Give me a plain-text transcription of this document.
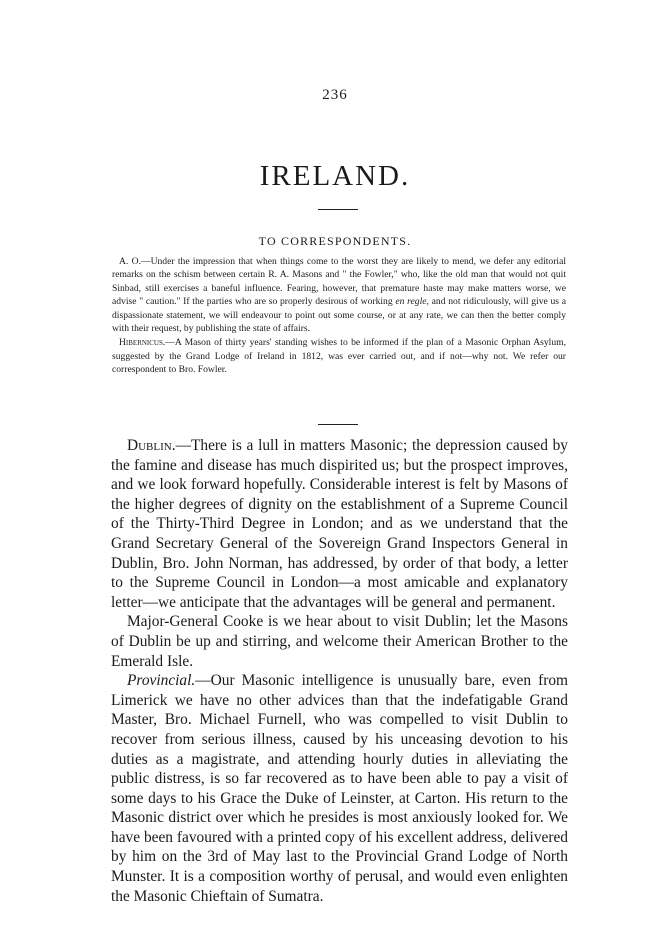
236
IRELAND.
TO CORRESPONDENTS.

A. O.—Under the impression that when things come to the worst they are likely to mend, we defer any editorial remarks on the schism between certain R. A. Masons and " the Fowler," who, like the old man that would not quit Sinbad, still exercises a baneful influence. Fearing, however, that premature haste may make matters worse, we advise " caution." If the parties who are so properly desirous of working en regle, and not ridiculously, will give us a dispassionate statement, we will endeavour to point out some course, or at any rate, we can then the better comply with their request, by publishing the state of affairs.

Hibernicus.—A Mason of thirty years' standing wishes to be informed if the plan of a Masonic Orphan Asylum, suggested by the Grand Lodge of Ireland in 1812, was ever carried out, and if not—why not. We refer our correspondent to Bro. Fowler.

Dublin.—There is a lull in matters Masonic; the depression caused by the famine and disease has much dispirited us; but the prospect improves, and we look forward hopefully. Considerable interest is felt by Masons of the higher degrees of dignity on the establishment of a Supreme Council of the Thirty-Third Degree in London; and as we understand that the Grand Secretary General of the Sovereign Grand Inspectors General in Dublin, Bro. John Norman, has addressed, by order of that body, a letter to the Supreme Council in London—a most amicable and explanatory letter—we anticipate that the advantages will be general and permanent.

Major-General Cooke is we hear about to visit Dublin; let the Masons of Dublin be up and stirring, and welcome their American Brother to the Emerald Isle.

Provincial.—Our Masonic intelligence is unusually bare, even from Limerick we have no other advices than that the indefatigable Grand Master, Bro. Michael Furnell, who was compelled to visit Dublin to recover from serious illness, caused by his unceasing devotion to his duties as a magistrate, and attending hourly duties in alleviating the public distress, is so far recovered as to have been able to pay a visit of some days to his Grace the Duke of Leinster, at Carton. His return to the Masonic district over which he presides is most anxiously looked for. We have been favoured with a printed copy of his excellent address, delivered by him on the 3rd of May last to the Provincial Grand Lodge of North Munster. It is a composition worthy of perusal, and would even enlighten the Masonic Chieftain of Sumatra.
